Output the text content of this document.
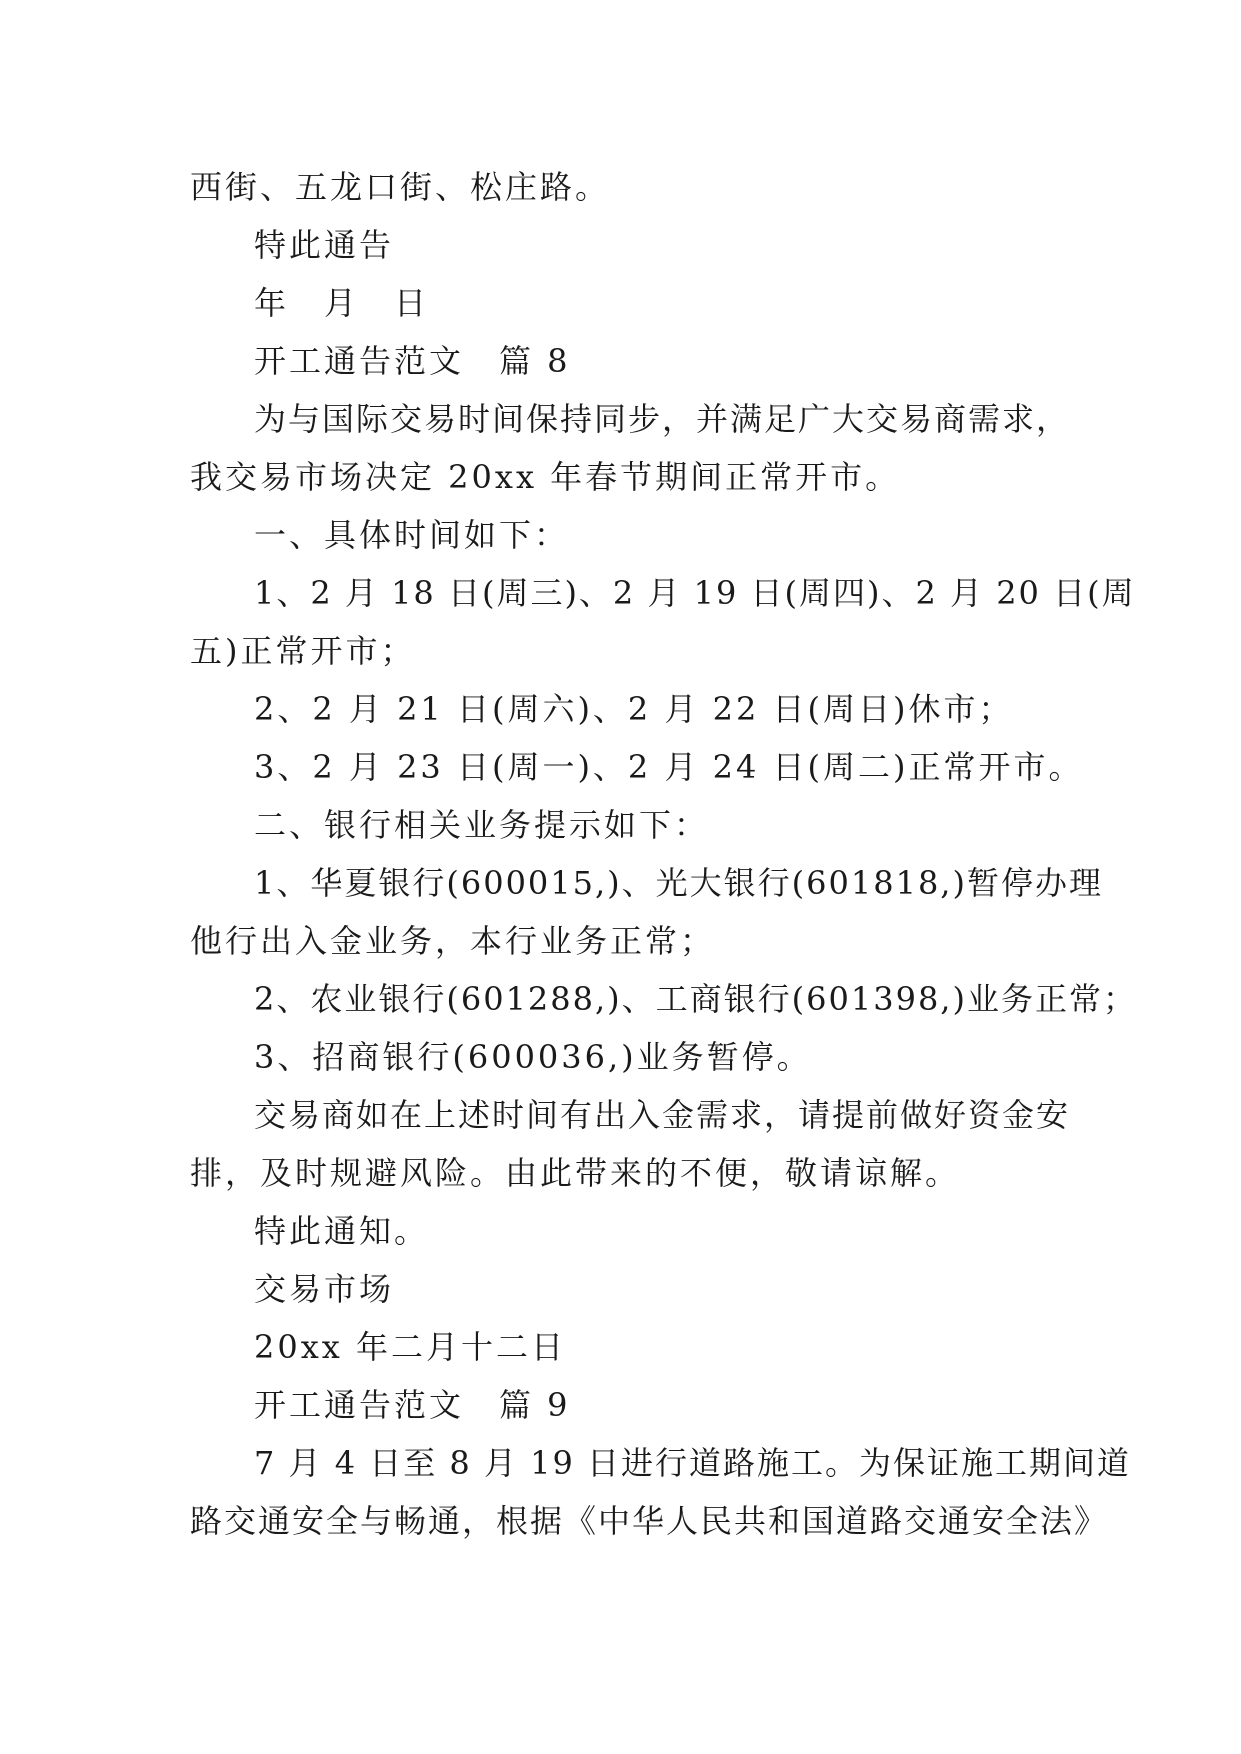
西街、五龙口街、松庄路。
特此通告
年　月　日
开工通告范文　篇 8
为与国际交易时间保持同步，并满足广大交易商需求，
我交易市场决定 20xx 年春节期间正常开市。
一、具体时间如下：
1、2 月 18 日(周三)、2 月 19 日(周四)、2 月 20 日(周
五)正常开市；
2、2 月 21 日(周六)、2 月 22 日(周日)休市；
3、2 月 23 日(周一)、2 月 24 日(周二)正常开市。
二、银行相关业务提示如下：
1、华夏银行(600015,)、光大银行(601818,)暂停办理
他行出入金业务，本行业务正常；
2、农业银行(601288,)、工商银行(601398,)业务正常；
3、招商银行(600036,)业务暂停。
交易商如在上述时间有出入金需求，请提前做好资金安
排，及时规避风险。由此带来的不便，敬请谅解。
特此通知。
交易市场
20xx 年二月十二日
开工通告范文　篇 9
7 月 4 日至 8 月 19 日进行道路施工。为保证施工期间道
路交通安全与畅通，根据《中华人民共和国道路交通安全法》
